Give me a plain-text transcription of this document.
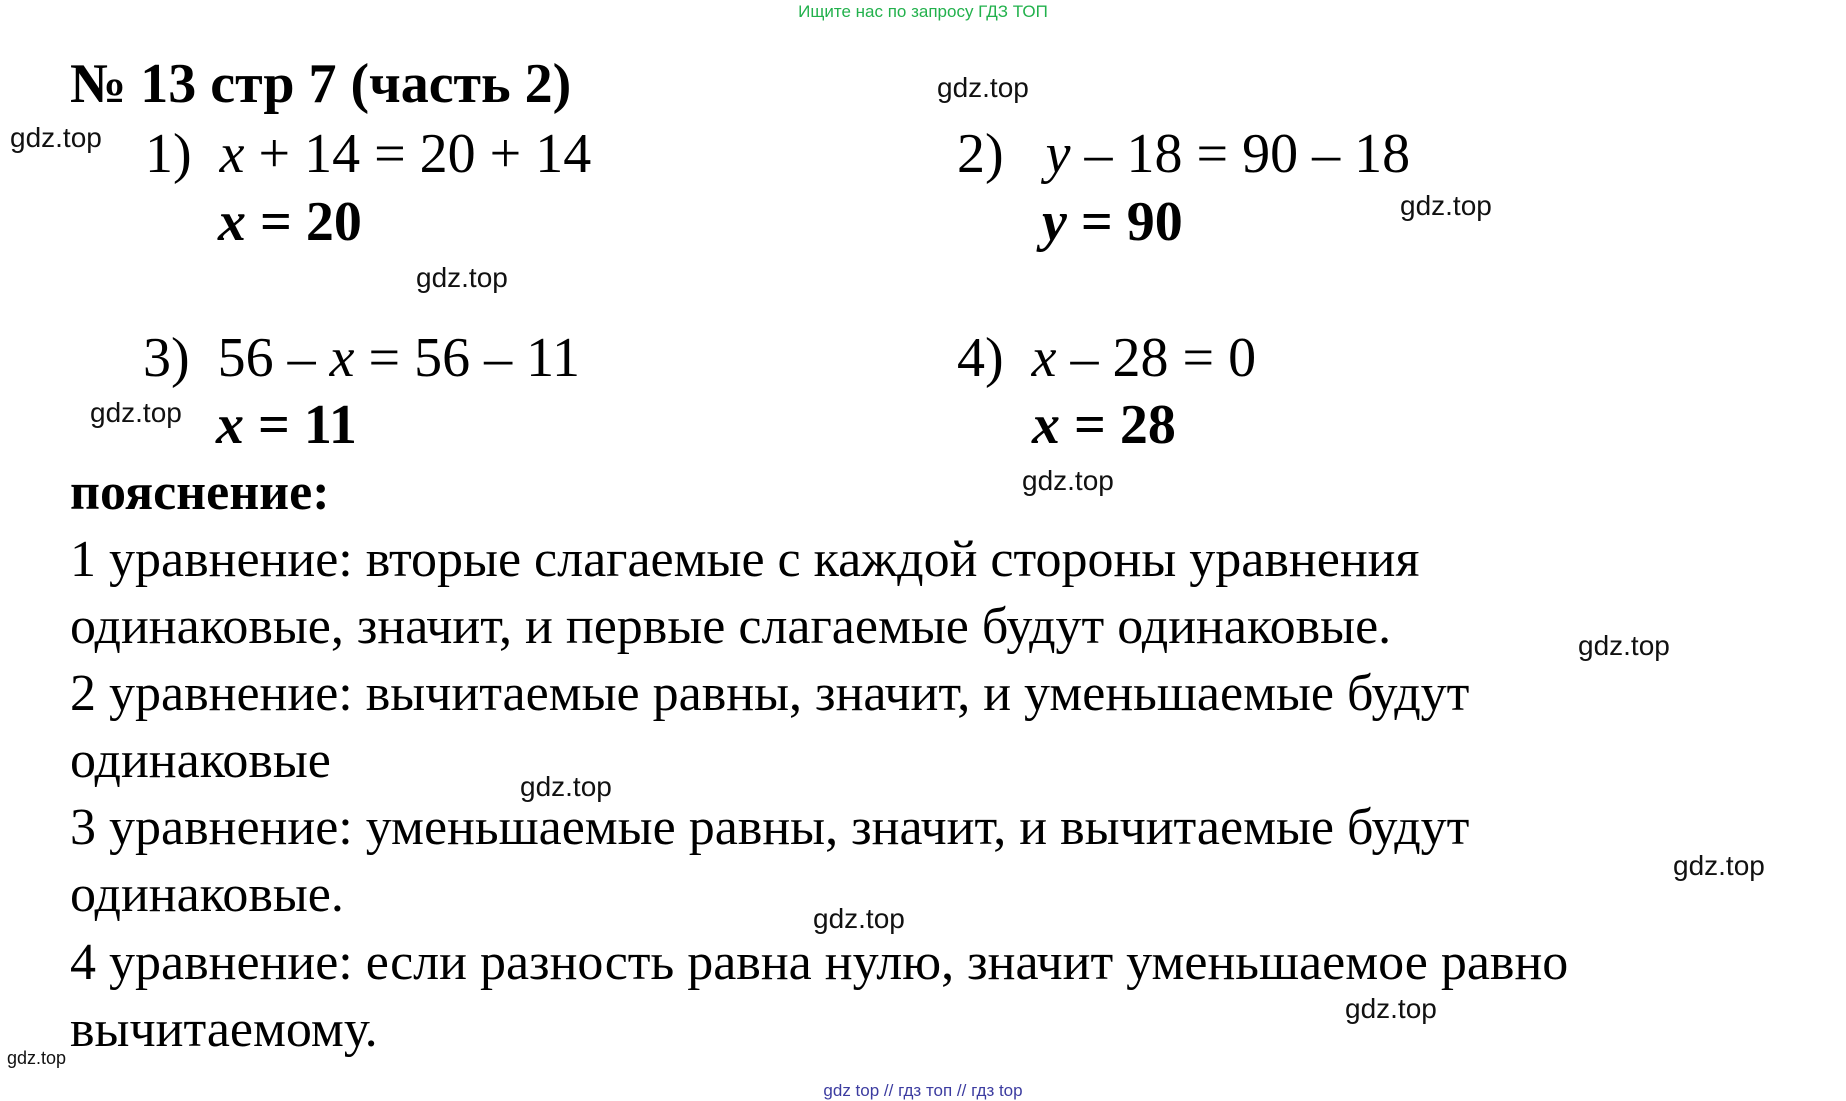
Ищите нас по запросу ГДЗ ТОП
№ 13 стр 7 (часть 2)
1) x + 14 = 20 + 14
x = 20
2) y – 18 = 90 – 18
y = 90
3) 56 – x = 56 – 11
x = 11
4) x – 28 = 0
x = 28
пояснение:
1 уравнение: вторые слагаемые с каждой стороны уравнения
одинаковые, значит, и первые слагаемые будут одинаковые.
2 уравнение: вычитаемые равны, значит, и уменьшаемые будут
одинаковые
3 уравнение: уменьшаемые равны, значит, и вычитаемые будут
одинаковые.
4 уравнение: если разность равна нулю, значит уменьшаемое равно
вычитаемому.
gdz.top
gdz.top
gdz.top
gdz.top
gdz.top
gdz.top
gdz.top
gdz.top
gdz.top
gdz.top
gdz.top
gdz.top
gdz top // гдз топ // гдз top
